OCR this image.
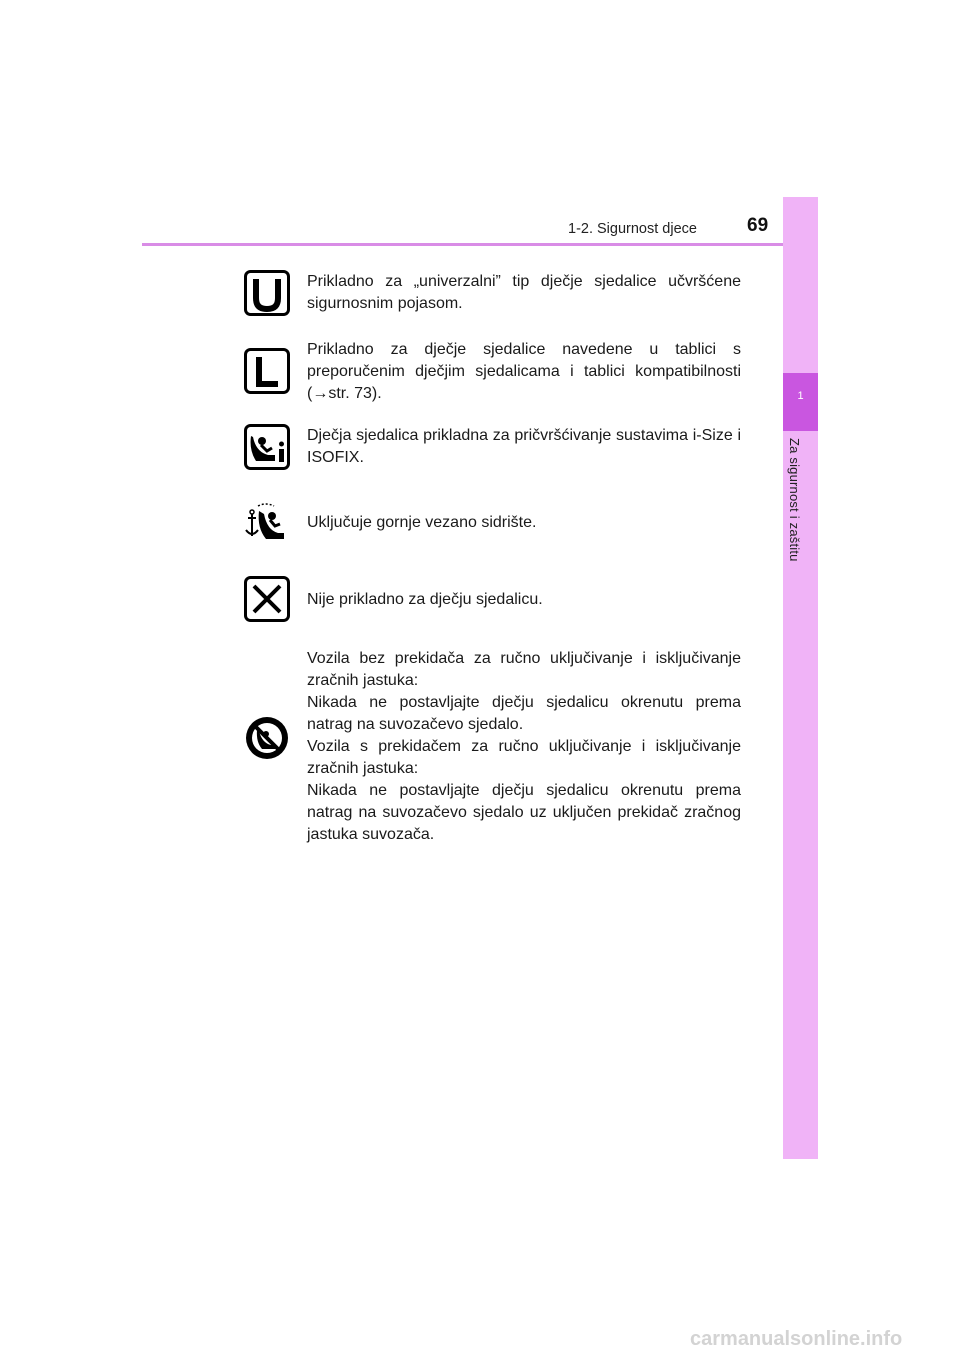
1-2. Sigurnost djece	69
1
Za sigurnost i zaštitu
Prikladno za „univerzalni” tip dječje sjedalice učvršćene sigurnosnim pojasom.
Prikladno za dječje sjedalice navedene u tablici s preporučenim dječjim sjedalicama i tablici kompatibilnosti (→str. 73).
Dječja sjedalica prikladna za pričvršćivanje sustavima i-Size i ISOFIX.
Uključuje gornje vezano sidrište.
Nije prikladno za dječju sjedalicu.

Vozila bez prekidača za ručno uključivanje i isključivanje zračnih jastuka:

Nikada ne postavljajte dječju sjedalicu okrenutu prema natrag na suvozačevo sjedalo.

Vozila s prekidačem za ručno uključivanje i isključivanje zračnih jastuka:

Nikada ne postavljajte dječju sjedalicu okrenutu prema natrag na suvozačevo sjedalo uz uključen prekidač zračnog jastuka suvozača.

carmanualsonline.info
